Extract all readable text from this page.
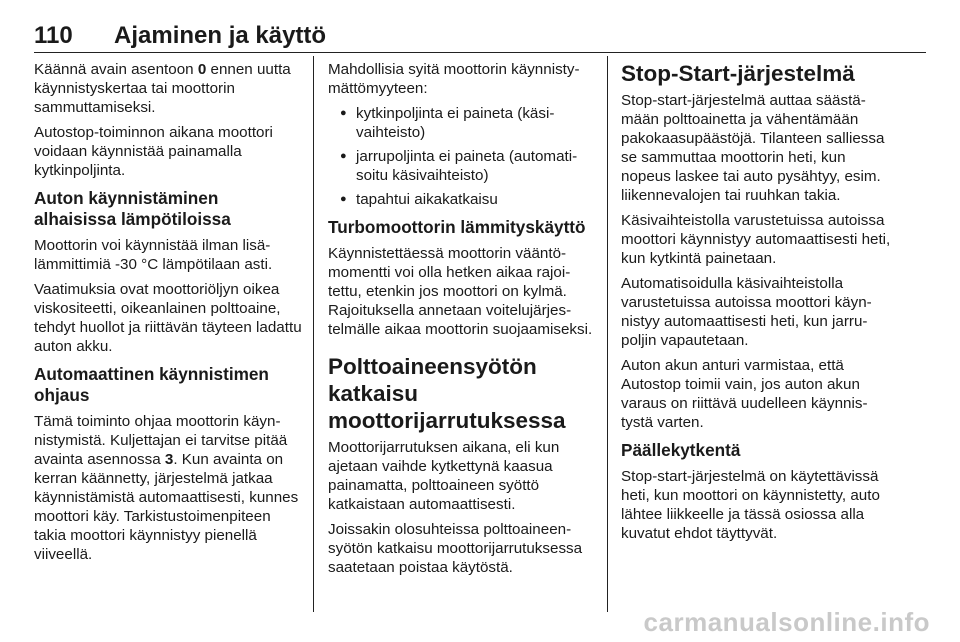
110 Ajaminen ja käyttö

Käännä avain asentoon 0 ennen uutta käynnistyskertaa tai moottorin sammuttamiseksi.

Autostop-toiminnon aikana moottori voidaan käynnistää painamalla kytkinpoljinta.

Auton käynnistäminen alhaisissa lämpötiloissa

Moottorin voi käynnistää ilman lisälämmittimiä -30 °C lämpötilaan asti.

Vaatimuksia ovat moottoriöljyn oikea viskositeetti, oikeanlainen polttoaine, tehdyt huollot ja riittävän täyteen ladattu auton akku.

Automaattinen käynnistimen ohjaus

Tämä toiminto ohjaa moottorin käynnistymistä. Kuljettajan ei tarvitse pitää avainta asennossa 3. Kun avainta on kerran käännetty, järjestelmä jatkaa käynnistämistä automaattisesti, kunnes moottori käy. Tarkistustoimenpiteen takia moottori käynnistyy pienellä viiveellä.

Mahdollisia syitä moottorin käynnistymättömyyteen:

● kytkinpoljinta ei paineta (käsivaihteisto)
● jarrupoljinta ei paineta (automatisoitu käsivaihteisto)
● tapahtui aikakatkaisu
Turbomoottorin lämmityskäyttö

Käynnistettäessä moottorin vääntömomentti voi olla hetken aikaa rajoitettu, etenkin jos moottori on kylmä. Rajoituksella annetaan voitelujärjestelmälle aikaa moottorin suojaamiseksi.

Polttoaineensyötön katkaisu moottorijarrutuksessa

Moottorijarrutuksen aikana, eli kun ajetaan vaihde kytkettynä kaasua painamatta, polttoaineen syöttö katkaistaan automaattisesti.

Joissakin olosuhteissa polttoaineensyötön katkaisu moottorijarrutuksessa saatetaan poistaa käytöstä.

Stop-Start-järjestelmä

Stop-start-järjestelmä auttaa säästämään polttoainetta ja vähentämään pakokaasupäästöjä. Tilanteen salliessa se sammuttaa moottorin heti, kun nopeus laskee tai auto pysähtyy, esim. liikennevalojen tai ruuhkan takia.

Käsivaihteistolla varustetuissa autoissa moottori käynnistyy automaattisesti heti, kun kytkintä painetaan.

Automatisoidulla käsivaihteistolla varustetuissa autoissa moottori käynnistyy automaattisesti heti, kun jarrupoljin vapautetaan.

Auton akun anturi varmistaa, että Autostop toimii vain, jos auton akun varaus on riittävä uudelleen käynnistystä varten.

Päällekytkentä

Stop-start-järjestelmä on käytettävissä heti, kun moottori on käynnistetty, auto lähtee liikkeelle ja tässä osiossa alla kuvatut ehdot täyttyvät.

carmanualsonline.info
